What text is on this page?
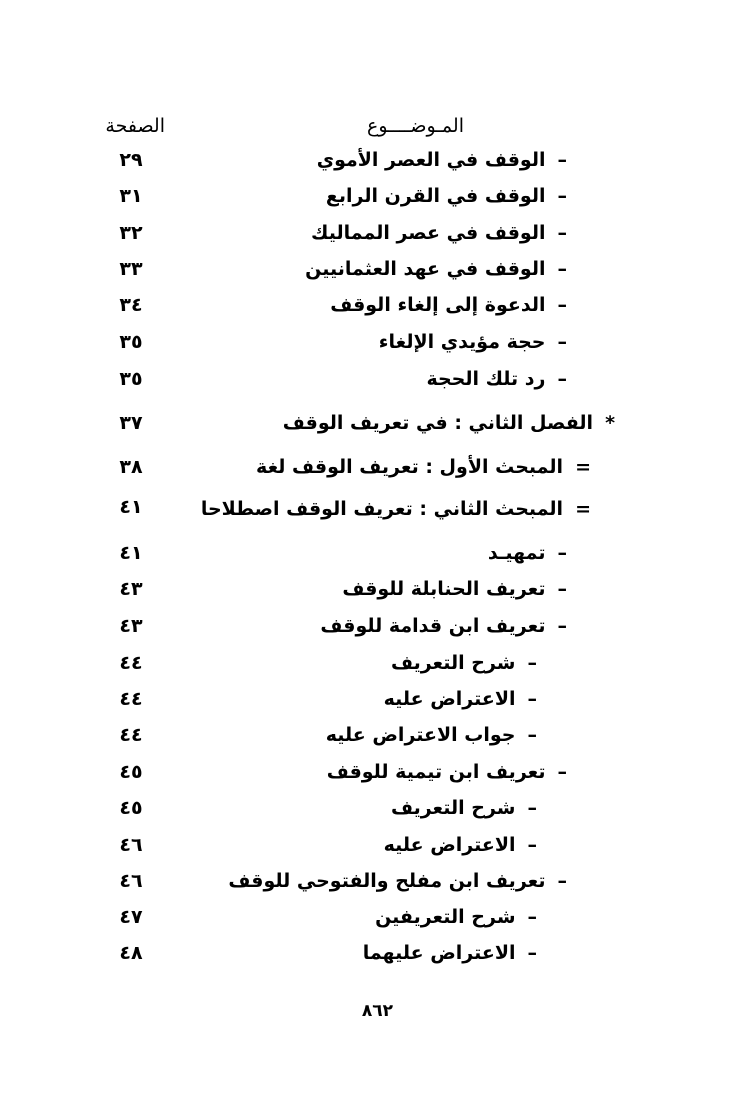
المـوضــــوع
الصفحة
–الوقف في العصر الأموي
٢٩
–الوقف في القرن الرابع
٣١
–الوقف في عصر المماليك
٣٢
–الوقف في عهد العثمانيين
٣٣
–الدعوة إلى إلغاء الوقف
٣٤
–حجة مؤيدي الإلغاء
٣٥
–رد تلك الحجة
٣٥
*الفصل الثاني : في تعريف الوقف
٣٧
=المبحث الأول : تعريف الوقف لغة
٣٨
=المبحث الثاني : تعريف الوقف اصطلاحا
٤١
–تمهيـد
٤١
–تعريف الحنابلة للوقف
٤٣
–تعريف ابن قدامة للوقف
٤٣
–شرح التعريف
٤٤
–الاعتراض عليه
٤٤
–جواب الاعتراض عليه
٤٤
–تعريف ابن تيمية للوقف
٤٥
–شرح التعريف
٤٥
–الاعتراض عليه
٤٦
–تعريف ابن مفلح والفتوحي للوقف
٤٦
–شرح التعريفين
٤٧
–الاعتراض عليهما
٤٨
٨٦٢
